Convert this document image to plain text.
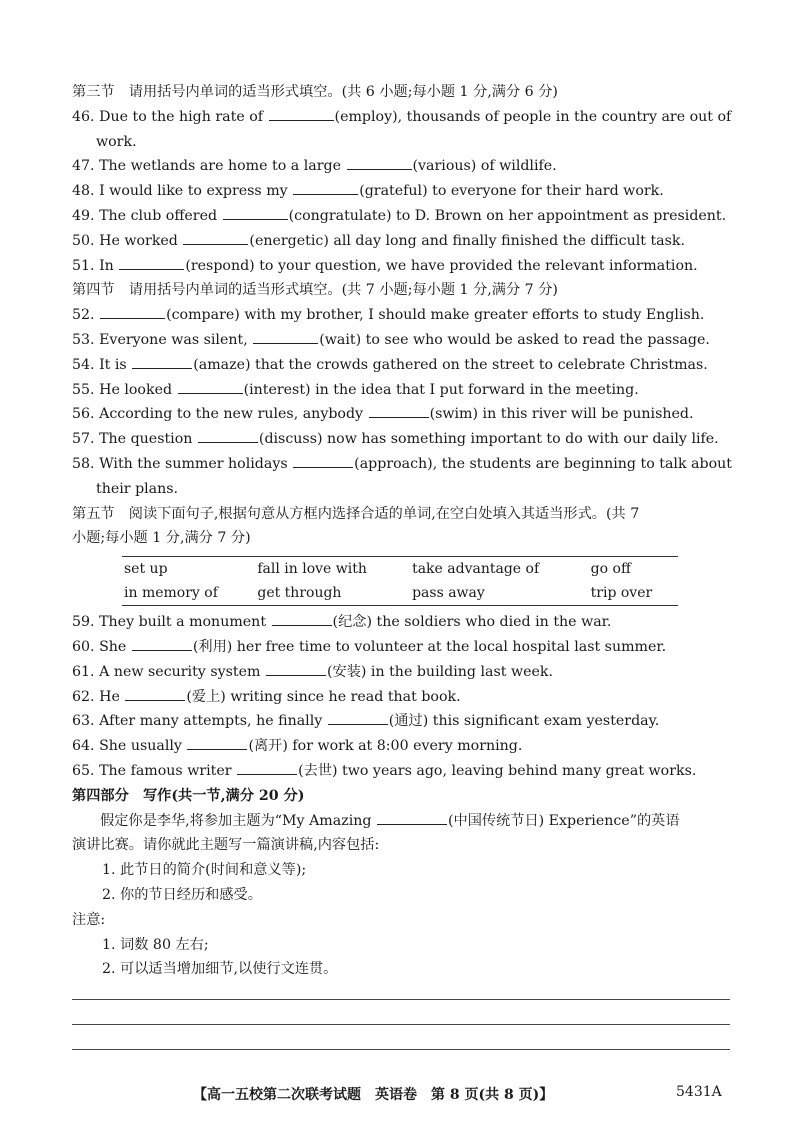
第三节　请用括号内单词的适当形式填空。(共 6 小题;每小题 1 分,满分 6 分)
46. Due to the high rate of	(employ), thousands of people in the country are out of
work.
47. The wetlands are home to a large	(various) of wildlife.
48. I would like to express my	(grateful) to everyone for their hard work.
49. The club offered	(congratulate) to D. Brown on her appointment as president.
50. He worked	(energetic) all day long and finally finished the difficult task.
51. In	(respond) to your question, we have provided the relevant information.
第四节　请用括号内单词的适当形式填空。(共 7 小题;每小题 1 分,满分 7 分)
52.	(compare) with my brother, I should make greater efforts to study English.
53. Everyone was silent,	(wait) to see who would be asked to read the passage.
54. It is	(amaze) that the crowds gathered on the street to celebrate Christmas.
55. He looked	(interest) in the idea that I put forward in the meeting.
56. According to the new rules, anybody	(swim) in this river will be punished.
57. The question	(discuss) now has something important to do with our daily life.
58. With the summer holidays	(approach), the students are beginning to talk about
their plans.
第五节　阅读下面句子,根据句意从方框内选择合适的单词,在空白处填入其适当形式。(共 7
小题;每小题 1 分,满分 7 分)
set up	fall in love with	take advantage of	go off
in memory of	get through	pass away	trip over
59. They built a monument	(纪念) the soldiers who died in the war.
60. She	(利用) her free time to volunteer at the local hospital last summer.
61. A new security system	(安装) in the building last week.
62. He	(爱上) writing since he read that book.
63. After many attempts, he finally	(通过) this significant exam yesterday.
64. She usually	(离开) for work at 8:00 every morning.
65. The famous writer	(去世) two years ago, leaving behind many great works.
第四部分　写作(共一节,满分 20 分)
假定你是李华,将参加主题为“My Amazing	(中国传统节日) Experience”的英语
演讲比赛。请你就此主题写一篇演讲稿,内容包括:
1. 此节日的简介(时间和意义等);
2. 你的节日经历和感受。
注意:
1. 词数 80 左右;
2. 可以适当增加细节,以使行文连贯。
【高一五校第二次联考试题　英语卷　第 8 页(共 8 页)】	5431A
